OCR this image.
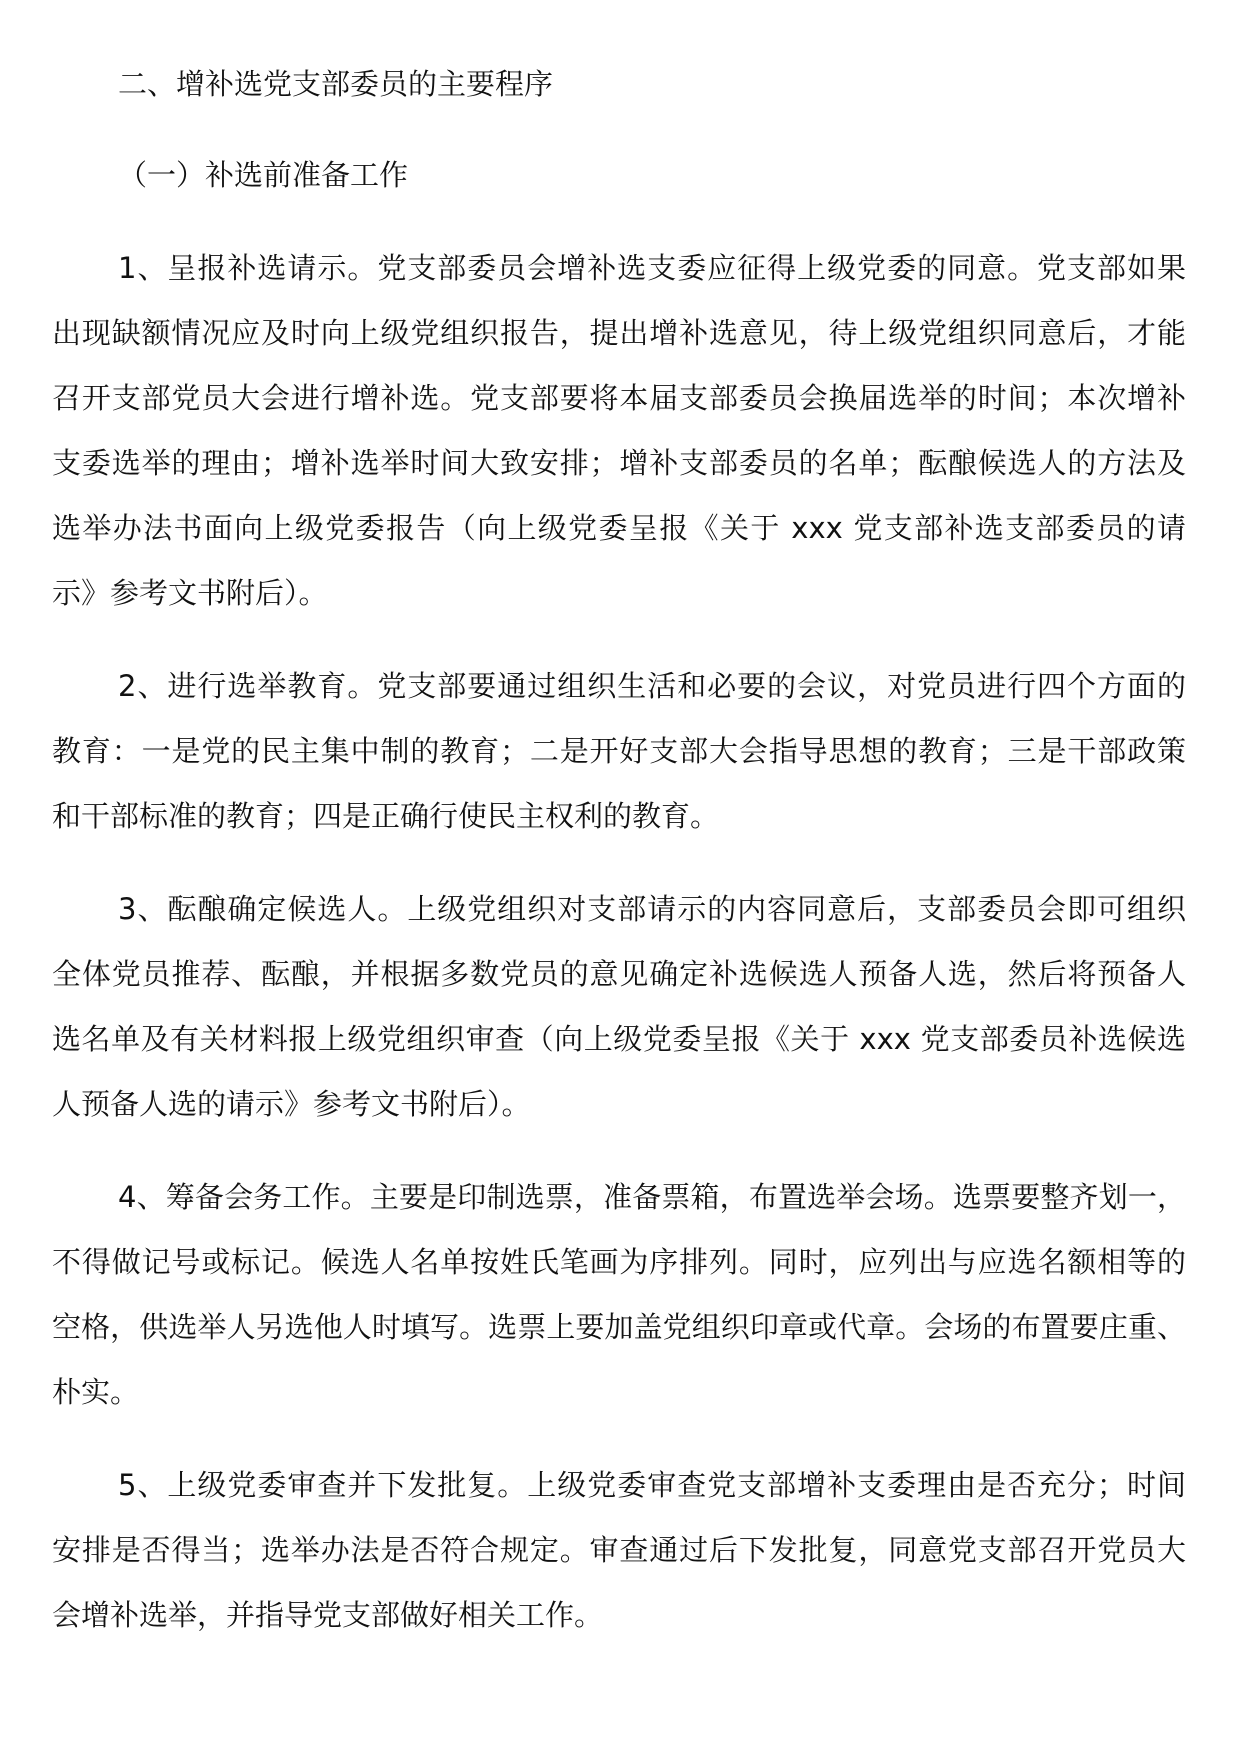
二、增补选党支部委员的主要程序

（一）补选前准备工作

1、呈报补选请示。党支部委员会增补选支委应征得上级党委的同意。党支部如果

出现缺额情况应及时向上级党组织报告，提出增补选意见，待上级党组织同意后，才能

召开支部党员大会进行增补选。党支部要将本届支部委员会换届选举的时间；本次增补

支委选举的理由；增补选举时间大致安排；增补支部委员的名单；酝酿候选人的方法及

选举办法书面向上级党委报告（向上级党委呈报《关于 xxx 党支部补选支部委员的请

示》参考文书附后）。

2、进行选举教育。党支部要通过组织生活和必要的会议，对党员进行四个方面的

教育：一是党的民主集中制的教育；二是开好支部大会指导思想的教育；三是干部政策

和干部标准的教育；四是正确行使民主权利的教育。

3、酝酿确定候选人。上级党组织对支部请示的内容同意后，支部委员会即可组织

全体党员推荐、酝酿，并根据多数党员的意见确定补选候选人预备人选，然后将预备人

选名单及有关材料报上级党组织审查（向上级党委呈报《关于 xxx 党支部委员补选候选

人预备人选的请示》参考文书附后）。

4、筹备会务工作。主要是印制选票，准备票箱，布置选举会场。选票要整齐划一，

不得做记号或标记。候选人名单按姓氏笔画为序排列。同时，应列出与应选名额相等的

空格，供选举人另选他人时填写。选票上要加盖党组织印章或代章。会场的布置要庄重、

朴实。

5、上级党委审查并下发批复。上级党委审查党支部增补支委理由是否充分；时间

安排是否得当；选举办法是否符合规定。审查通过后下发批复，同意党支部召开党员大

会增补选举，并指导党支部做好相关工作。
